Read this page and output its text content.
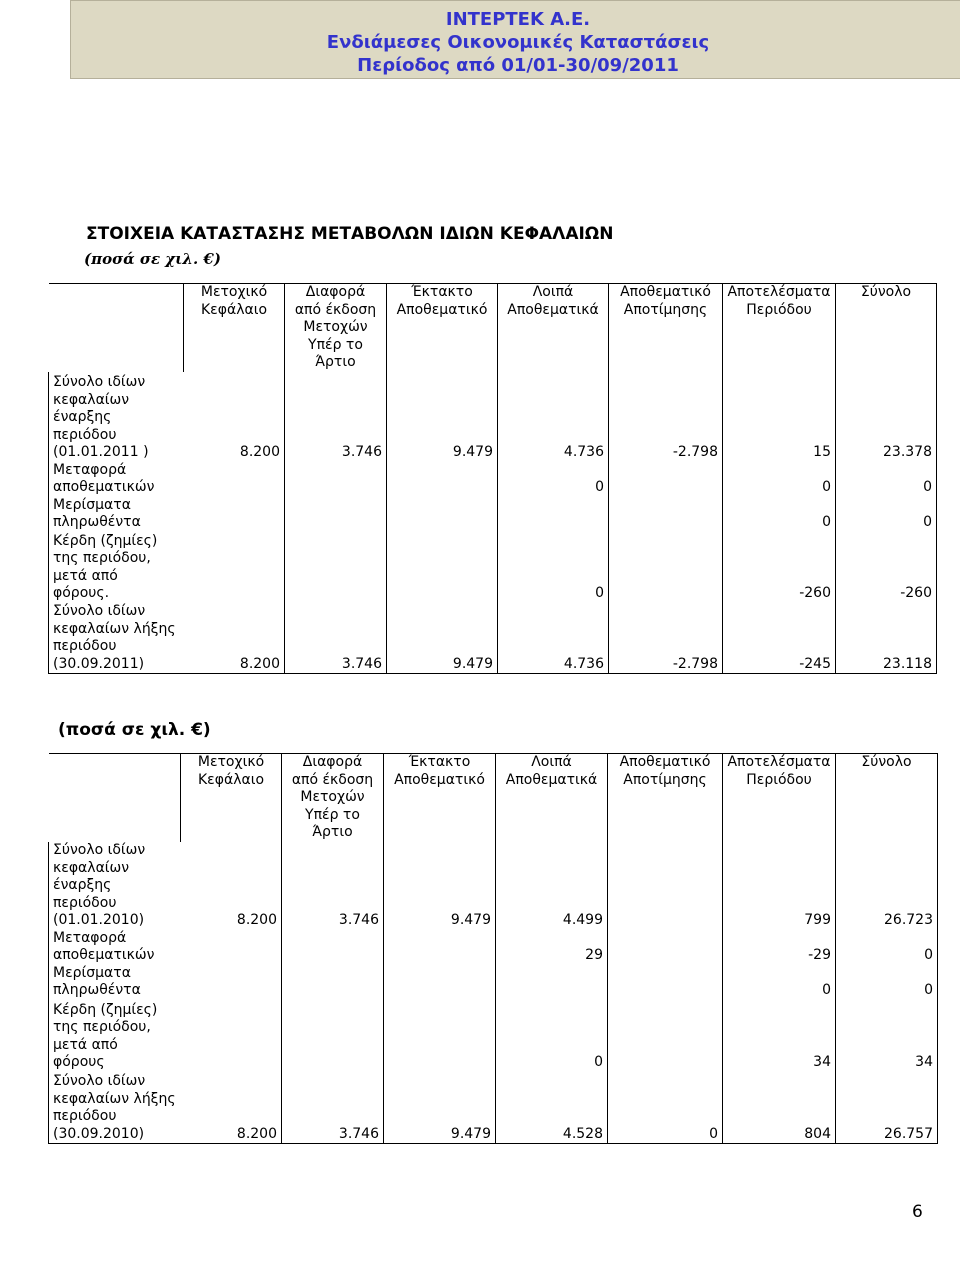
ΙΝΤΕΡΤΕΚ Α.Ε.
Ενδιάμεσες Οικονομικές Καταστάσεις
Περίοδος από 01/01-30/09/2011
ΣΤΟΙΧΕΙΑ ΚΑΤΑΣΤΑΣΗΣ ΜΕΤΑΒΟΛΩΝ ΙΔΙΩΝ ΚΕΦΑΛΑΙΩΝ
(ποσά σε χιλ. €)
	Μετοχικό
Κεφάλαιο	Διαφορά
από έκδοση
Μετοχών
Υπέρ το
Άρτιο	Έκτακτο
Αποθεματικό	Λοιπά
Αποθεματικά	Αποθεματικό
Αποτίμησης	Αποτελέσματα
Περιόδου	Σύνολο
Σύνολο ιδίων
κεφαλαίων
έναρξης
περιόδου
(01.01.2011 )	8.200	3.746	9.479	4.736	-2.798	15	23.378
Μεταφορά
αποθεματικών				0		0	0
Μερίσματα
πληρωθέντα						0	0
Κέρδη (ζημίες)
της περιόδου,
μετά από
φόρους.				0		-260	-260
Σύνολο ιδίων
κεφαλαίων λήξης
περιόδου
(30.09.2011)	8.200	3.746	9.479	4.736	-2.798	-245	23.118
(ποσά σε χιλ. €)
	Μετοχικό
Κεφάλαιο	Διαφορά
από έκδοση
Μετοχών
Υπέρ το
Άρτιο	Έκτακτο
Αποθεματικό	Λοιπά
Αποθεματικά	Αποθεματικό
Αποτίμησης	Αποτελέσματα
Περιόδου	Σύνολο
Σύνολο ιδίων
κεφαλαίων
έναρξης
περιόδου
(01.01.2010)	8.200	3.746	9.479	4.499		799	26.723
Μεταφορά
αποθεματικών				29		-29	0
Μερίσματα
πληρωθέντα						0	0
Κέρδη (ζημίες)
της περιόδου,
μετά από
φόρους				0		34	34
Σύνολο ιδίων
κεφαλαίων λήξης
περιόδου
(30.09.2010)	8.200	3.746	9.479	4.528	0	804	26.757
6
